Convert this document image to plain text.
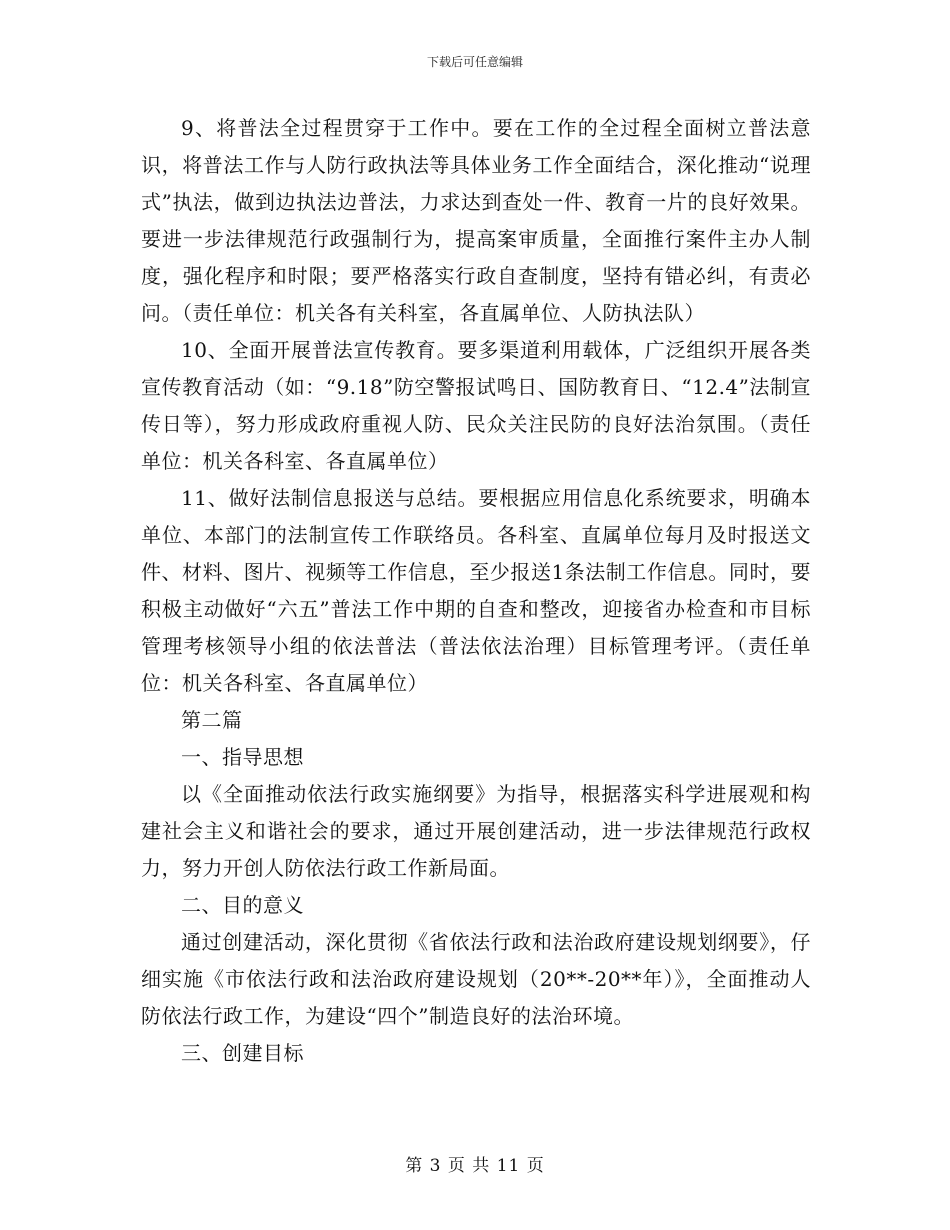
下载后可任意编辑

9、将普法全过程贯穿于工作中。要在工作的全过程全面树立普法意识，将普法工作与人防行政执法等具体业务工作全面结合，深化推动“说理式”执法，做到边执法边普法，力求达到查处一件、教育一片的良好效果。要进一步法律规范行政强制行为，提高案审质量，全面推行案件主办人制度，强化程序和时限；要严格落实行政自查制度，坚持有错必纠，有责必问。（责任单位：机关各有关科室，各直属单位、人防执法队）

10、全面开展普法宣传教育。要多渠道利用载体，广泛组织开展各类宣传教育活动（如：“9.18”防空警报试鸣日、国防教育日、“12.4”法制宣传日等），努力形成政府重视人防、民众关注民防的良好法治氛围。（责任单位：机关各科室、各直属单位）

11、做好法制信息报送与总结。要根据应用信息化系统要求，明确本单位、本部门的法制宣传工作联络员。各科室、直属单位每月及时报送文件、材料、图片、视频等工作信息，至少报送1条法制工作信息。同时，要积极主动做好“六五”普法工作中期的自查和整改，迎接省办检查和市目标管理考核领导小组的依法普法（普法依法治理）目标管理考评。（责任单位：机关各科室、各直属单位）

第二篇

一、指导思想

以《全面推动依法行政实施纲要》为指导，根据落实科学进展观和构建社会主义和谐社会的要求，通过开展创建活动，进一步法律规范行政权力，努力开创人防依法行政工作新局面。

二、目的意义

通过创建活动，深化贯彻《省依法行政和法治政府建设规划纲要》，仔细实施《市依法行政和法治政府建设规划（20**-20**年）》，全面推动人防依法行政工作，为建设“四个”制造良好的法治环境。

三、创建目标

第 3 页 共 11 页
